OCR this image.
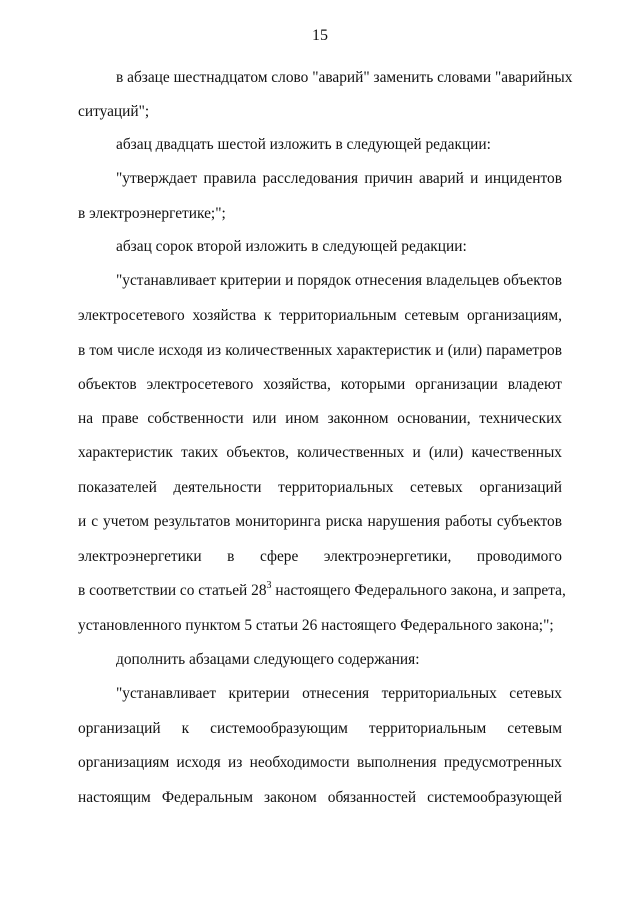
15
в абзаце шестнадцатом слово "аварий" заменить словами "аварийных
ситуаций";
абзац двадцать шестой изложить в следующей редакции:
"утверждает правила расследования причин аварий и инцидентов
в электроэнергетике;";
абзац сорок второй изложить в следующей редакции:
"устанавливает критерии и порядок отнесения владельцев объектов
электросетевого хозяйства к территориальным сетевым организациям,
в том числе исходя из количественных характеристик и (или) параметров
объектов электросетевого хозяйства, которыми организации владеют
на праве собственности или ином законном основании, технических
характеристик таких объектов, количественных и (или) качественных
показателей деятельности территориальных сетевых организаций
и с учетом результатов мониторинга риска нарушения работы субъектов
электроэнергетики в сфере электроэнергетики, проводимого
в соответствии со статьей $28^3$ настоящего Федерального закона, и запрета,
установленного пунктом 5 статьи 26 настоящего Федерального закона;";
дополнить абзацами следующего содержания:
"устанавливает критерии отнесения территориальных сетевых
организаций к системообразующим территориальным сетевым
организациям исходя из необходимости выполнения предусмотренных
настоящим Федеральным законом обязанностей системообразующей
